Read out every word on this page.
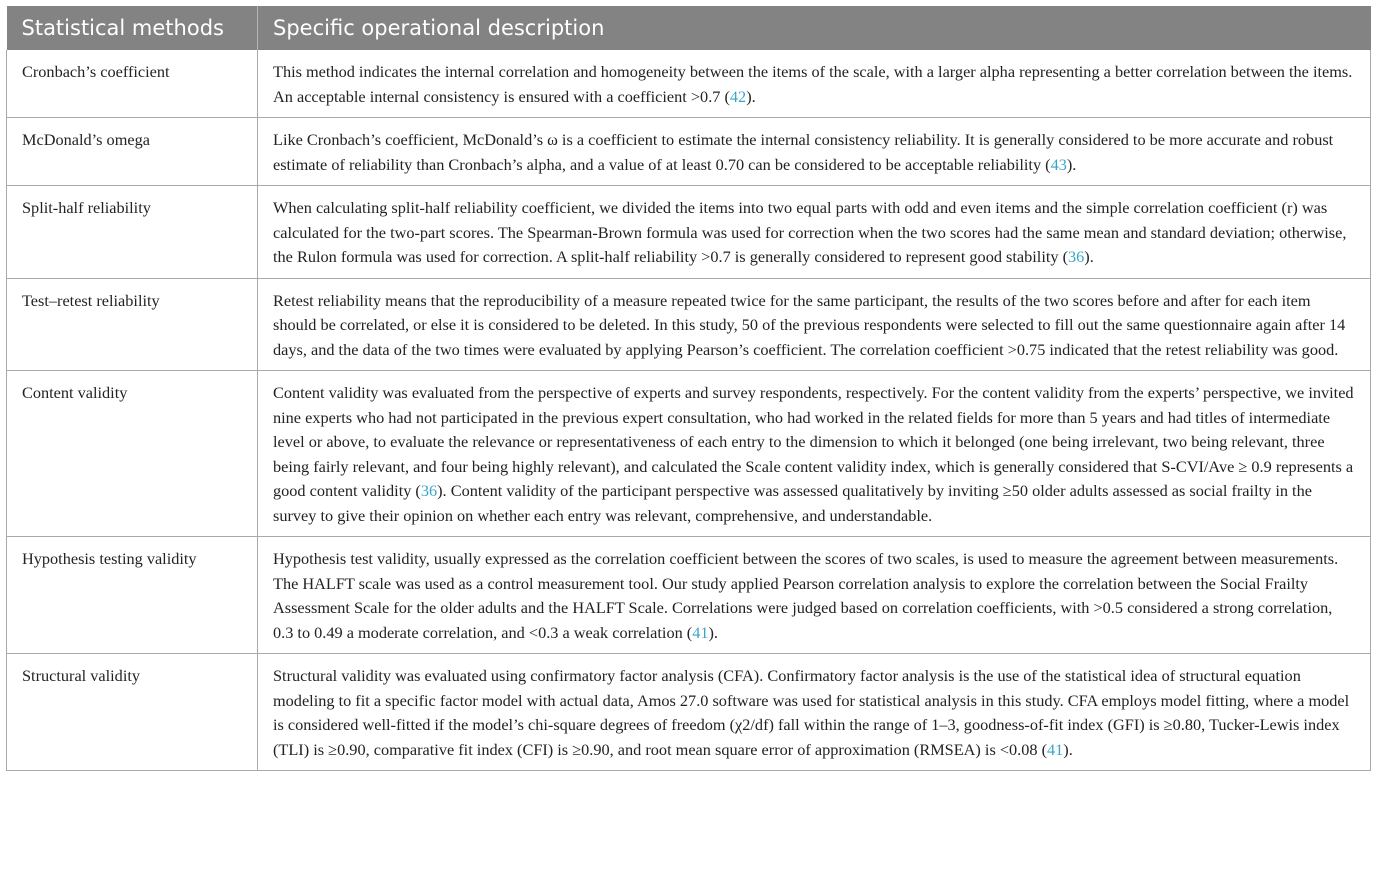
Statistical methods	Specific operational description
Cronbach’s coefficient	This method indicates the internal correlation and homogeneity between the items of the scale, with a larger alpha representing a better correlation between the items. An acceptable internal consistency is ensured with a coefficient >0.7 (42).
McDonald’s omega	Like Cronbach’s coefficient, McDonald’s ω is a coefficient to estimate the internal consistency reliability. It is generally considered to be more accurate and robust estimate of reliability than Cronbach’s alpha, and a value of at least 0.70 can be considered to be acceptable reliability (43).
Split-half reliability	When calculating split-half reliability coefficient, we divided the items into two equal parts with odd and even items and the simple correlation coefficient (r) was calculated for the two-part scores. The Spearman-Brown formula was used for correction when the two scores had the same mean and standard deviation; otherwise, the Rulon formula was used for correction. A split-half reliability >0.7 is generally considered to represent good stability (36).
Test–retest reliability	Retest reliability means that the reproducibility of a measure repeated twice for the same participant, the results of the two scores before and after for each item should be correlated, or else it is considered to be deleted. In this study, 50 of the previous respondents were selected to fill out the same questionnaire again after 14 days, and the data of the two times were evaluated by applying Pearson’s coefficient. The correlation coefficient >0.75 indicated that the retest reliability was good.
Content validity	Content validity was evaluated from the perspective of experts and survey respondents, respectively. For the content validity from the experts’ perspective, we invited nine experts who had not participated in the previous expert consultation, who had worked in the related fields for more than 5 years and had titles of intermediate level or above, to evaluate the relevance or representativeness of each entry to the dimension to which it belonged (one being irrelevant, two being relevant, three being fairly relevant, and four being highly relevant), and calculated the Scale content validity index, which is generally considered that S-CVI/Ave ≥ 0.9 represents a good content validity (36). Content validity of the participant perspective was assessed qualitatively by inviting ≥50 older adults assessed as social frailty in the survey to give their opinion on whether each entry was relevant, comprehensive, and understandable.
Hypothesis testing validity	Hypothesis test validity, usually expressed as the correlation coefficient between the scores of two scales, is used to measure the agreement between measurements. The HALFT scale was used as a control measurement tool. Our study applied Pearson correlation analysis to explore the correlation between the Social Frailty Assessment Scale for the older adults and the HALFT Scale. Correlations were judged based on correlation coefficients, with >0.5 considered a strong correlation, 0.3 to 0.49 a moderate correlation, and <0.3 a weak correlation (41).
Structural validity	Structural validity was evaluated using confirmatory factor analysis (CFA). Confirmatory factor analysis is the use of the statistical idea of structural equation modeling to fit a specific factor model with actual data, Amos 27.0 software was used for statistical analysis in this study. CFA employs model fitting, where a model is considered well-fitted if the model’s chi-square degrees of freedom (χ2/df) fall within the range of 1–3, goodness-of-fit index (GFI) is ≥0.80, Tucker-Lewis index (TLI) is ≥0.90, comparative fit index (CFI) is ≥0.90, and root mean square error of approximation (RMSEA) is <0.08 (41).
